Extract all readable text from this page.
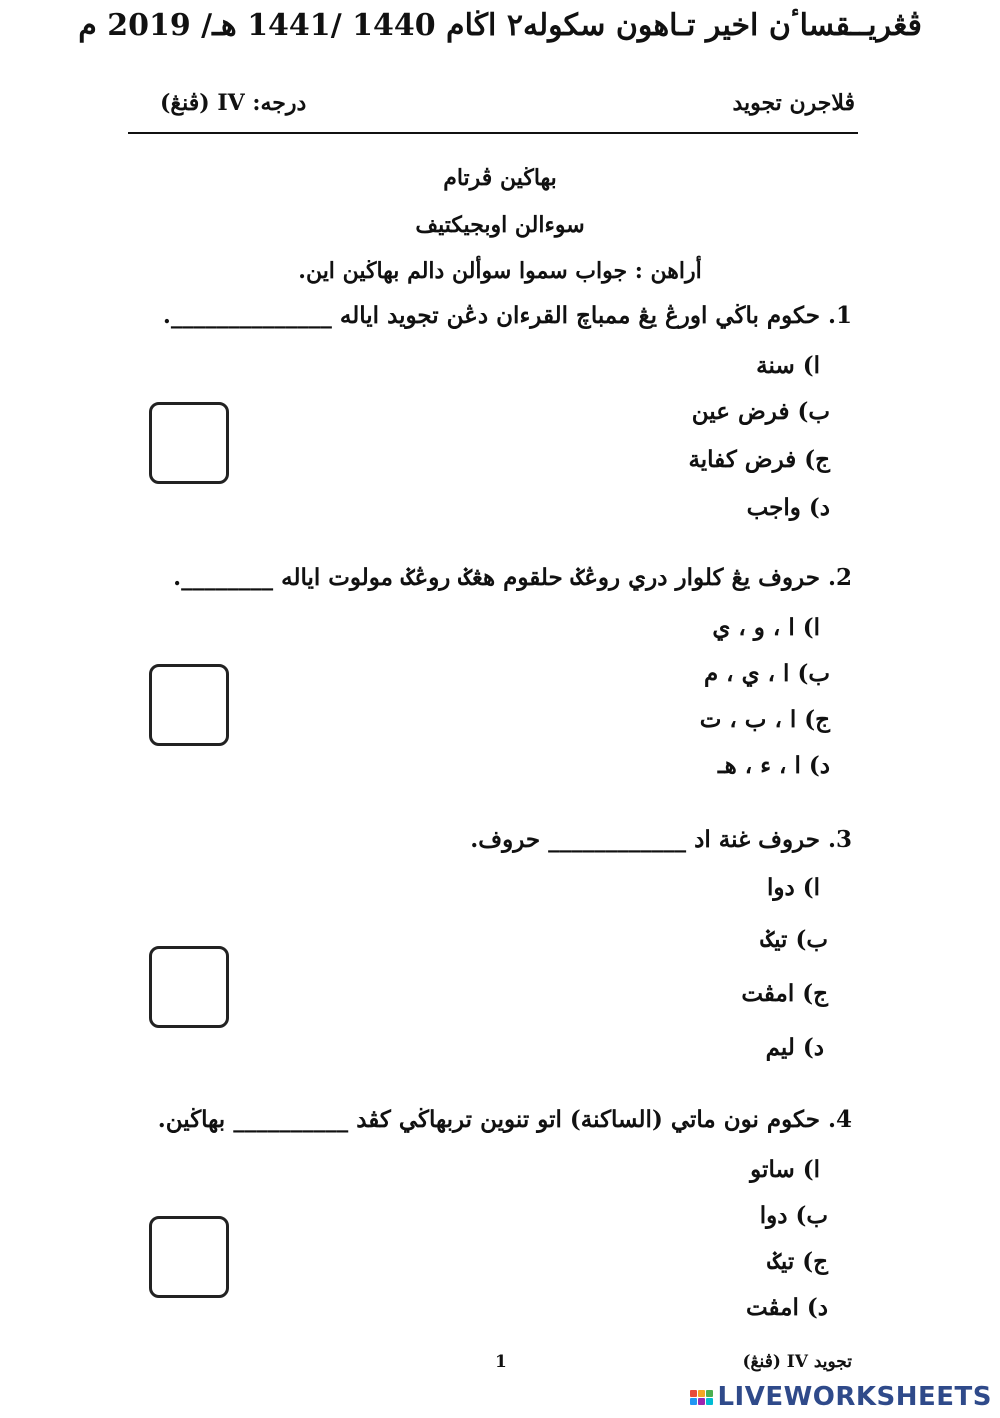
ڤڠريــقساٴن اخير تـاهون سكوله٢ اڬام 1440 /1441 هـ/ 2019 م
ڤلاجرن تجويد
درجه: IV (ڤنڠ)
بهاڬين ڤرتام
سوءالن اوبجيكتيف
أراهن : جواب سموا سوألن دالم بهاڬين اين.
1. حكوم باڬي اورڠ يڠ ممباچ القرءان دڠن تجويد اياله ______________.
ا) سنة
ب) فرض عين
ج) فرض كفاية
د) واجب
2. حروف يڠ كلوار دري روڠݢ حلقوم هڠݢ روڠݢ مولوت اياله ________.
ا) ا ، و ، ي
ب) ا ، ي ، م
ج) ا ، ب ، ت
د) ا ، ء ، هـ
3. حروف غنة اد ____________ حروف.
ا) دوا
ب) تيݢ
ج) امڤت
د) ليم
4. حكوم نون ماتي (الساكنة) اتو تنوين تربهاڬي كڤد __________ بهاڬين.
ا) ساتو
ب) دوا
ج) تيݢ
د) امڤت
تجويد IV (ڤنڠ)
1
LIVEWORKSHEETS
